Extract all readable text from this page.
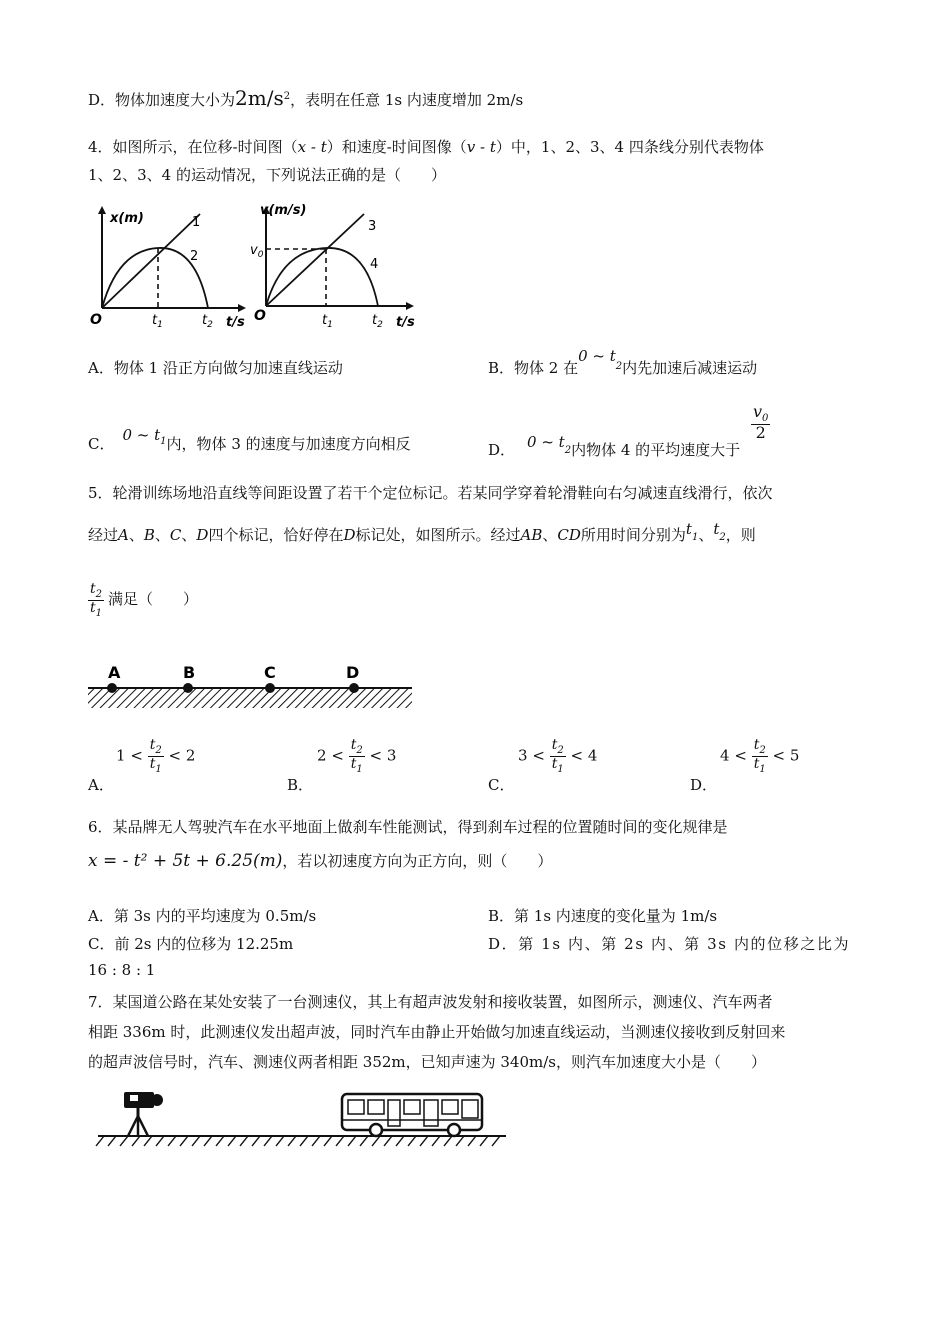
D．物体加速度大小为$2m/s^2$，表明在任意 1s 内速度增加 2m/s
4．如图所示，在位移-时间图（x - t）和速度-时间图像（v - t）中，1、2、3、4 四条线分别代表物体
1、2、3、4 的运动情况，下列说法正确的是（　　）
x(m)
O
1
2
$t_1$	$t_2$ t/s
v(m/s)
O
$v_0$
3
4
$t_1$	$t_2$ t/s
A．物体 1 沿正方向做匀加速直线运动	B．物体 2 在0 ~ $t_2$内先加速后减速运动
C． 0 ~ $t_1$内，物体 3 的速度与加速度方向相反	D． 0 ~ $t_2$内物体 4 的平均速度大于
$\frac{v_0}{2}$
5．轮滑训练场地沿直线等间距设置了若干个定位标记。若某同学穿着轮滑鞋向右匀减速直线滑行，依次
经过A、B、C、D四个标记，恰好停在D标记处，如图所示。经过AB、CD所用时间分别为$t_1$、$t_2$，则
$\frac{t_2}{t_1}$ 满足（　　）
A	B	C	D
A．
$1 < \frac{t_2}{t_1} < 2$
B．
$2 < \frac{t_2}{t_1} < 3$
C．
$3 < \frac{t_2}{t_1} < 4$
D．
$4 < \frac{t_2}{t_1} < 5$
6．某品牌无人驾驶汽车在水平地面上做刹车性能测试，得到刹车过程的位置随时间的变化规律是
x = - t² + 5t + 6.25(m)，若以初速度方向为正方向，则（　　）
A．第 3s 内的平均速度为 0.5m/s	B．第 1s 内速度的变化量为 1m/s
C．前 2s 内的位移为 12.25m	D．第 1s 内、第 2s 内、第 3s 内的位移之比为
16 : 8 : 1
7．某国道公路在某处安装了一台测速仪，其上有超声波发射和接收装置，如图所示，测速仪、汽车两者
相距 336m 时，此测速仪发出超声波，同时汽车由静止开始做匀加速直线运动，当测速仪接收到反射回来
的超声波信号时，汽车、测速仪两者相距 352m，已知声速为 340m/s，则汽车加速度大小是（　　）
